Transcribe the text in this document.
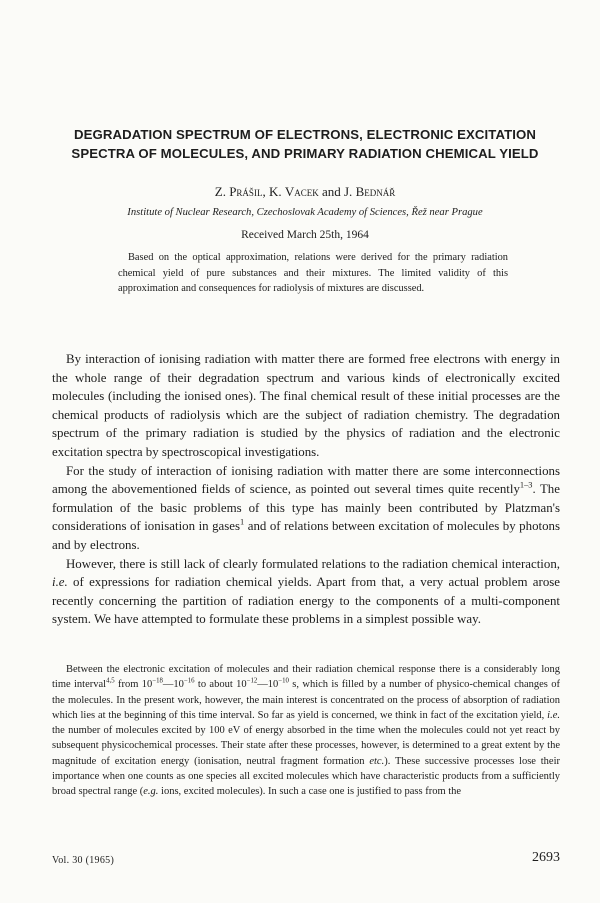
DEGRADATION SPECTRUM OF ELECTRONS, ELECTRONIC EXCITATION
SPECTRA OF MOLECULES, AND PRIMARY RADIATION CHEMICAL YIELD
Z. Prášil, K. Vacek and J. Bednář
Institute of Nuclear Research, Czechoslovak Academy of Sciences, Řež near Prague
Received March 25th, 1964
Based on the optical approximation, relations were derived for the primary radiation chemical yield of pure substances and their mixtures. The limited validity of this approximation and consequences for radiolysis of mixtures are discussed.

By interaction of ionising radiation with matter there are formed free electrons with energy in the whole range of their degradation spectrum and various kinds of electronically excited molecules (including the ionised ones). The final chemical result of these initial processes are the chemical products of radiolysis which are the subject of radiation chemistry. The degradation spectrum of the primary radiation is studied by the physics of radiation and the electronic excitation spectra by spectroscopical investigations.

For the study of interaction of ionising radiation with matter there are some interconnections among the abovementioned fields of science, as pointed out several times quite recently$^{1-3}$. The formulation of the basic problems of this type has mainly been contributed by Platzman's considerations of ionisation in gases$^1$ and of relations between excitation of molecules by photons and by electrons.

However, there is still lack of clearly formulated relations to the radiation chemical interaction, i.e. of expressions for radiation chemical yields. Apart from that, a very actual problem arose recently concerning the partition of radiation energy to the components of a multi-component system. We have attempted to formulate these problems in a simplest possible way.

Between the electronic excitation of molecules and their radiation chemical response there is a considerably long time interval$^{4,5}$ from $10^{-18}—10^{-16}$ to about $10^{-12}—10^{-10}$ s, which is filled by a number of physico-chemical changes of the molecules. In the present work, however, the main interest is concentrated on the process of absorption of radiation which lies at the beginning of this time interval. So far as yield is concerned, we think in fact of the excitation yield, i.e. the number of molecules excited by 100 eV of energy absorbed in the time when the molecules could not yet react by subsequent physicochemical processes. Their state after these processes, however, is determined to a great extent by the magnitude of excitation energy (ionisation, neutral fragment formation etc.). These successive processes lose their importance when one counts as one species all excited molecules which have characteristic products from a sufficiently broad spectral range (e.g. ions, excited molecules). In such a case one is justified to pass from the

Vol. 30 (1965)	2693
